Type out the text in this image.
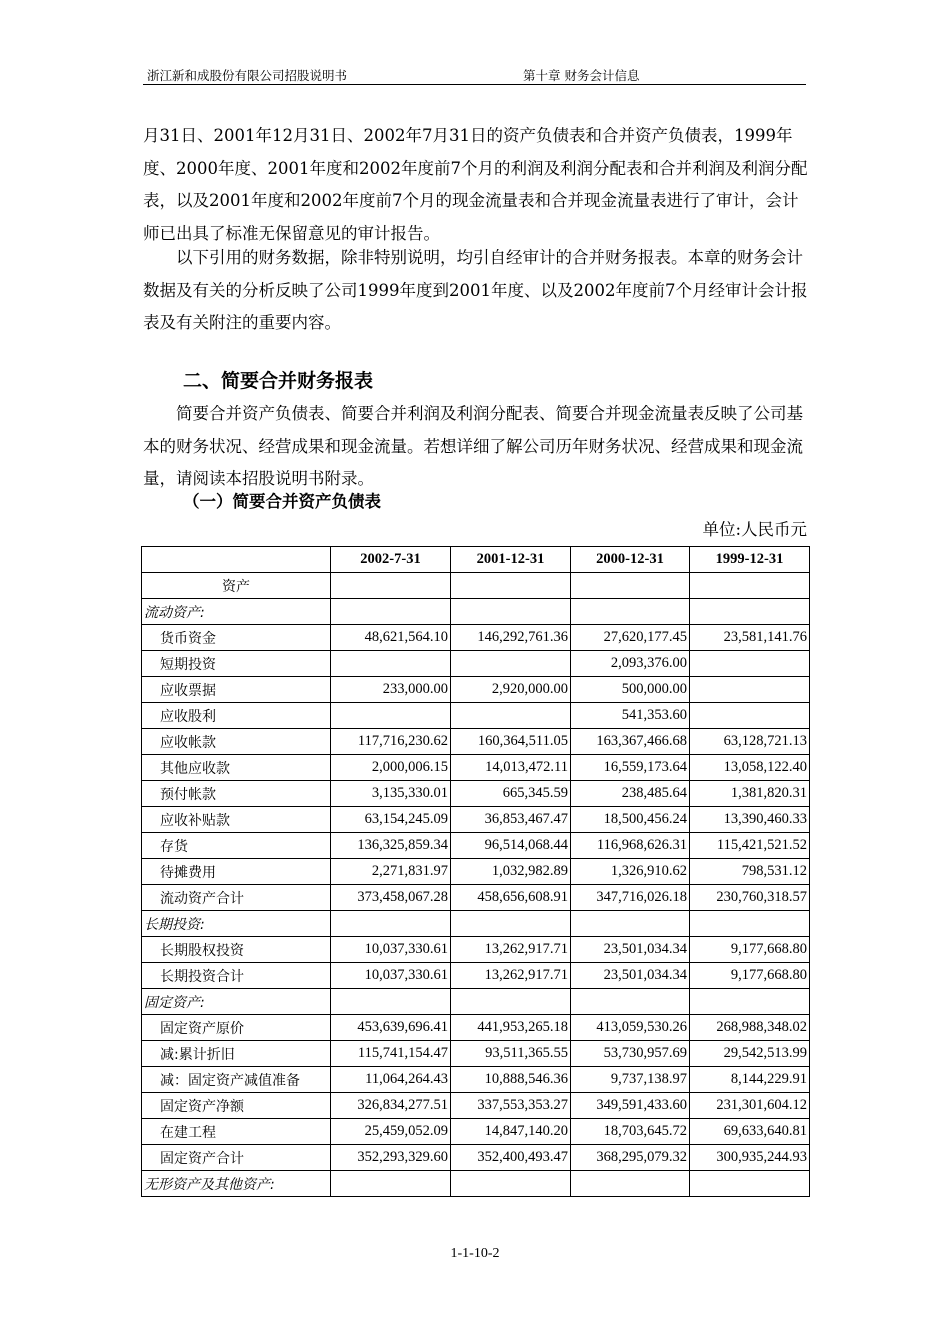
浙江新和成股份有限公司招股说明书	第十章 财务会计信息

月31日、2001年12月31日、2002年7月31日的资产负债表和合并资产负债表，1999年度、2000年度、2001年度和2002年度前7个月的利润及利润分配表和合并利润及利润分配表，以及2001年度和2002年度前7个月的现金流量表和合并现金流量表进行了审计，会计师已出具了标准无保留意见的审计报告。

以下引用的财务数据，除非特别说明，均引自经审计的合并财务报表。本章的财务会计数据及有关的分析反映了公司1999年度到2001年度、以及2002年度前7个月经审计会计报表及有关附注的重要内容。

二、简要合并财务报表

简要合并资产负债表、简要合并利润及利润分配表、简要合并现金流量表反映了公司基本的财务状况、经营成果和现金流量。若想详细了解公司历年财务状况、经营成果和现金流量，请阅读本招股说明书附录。

（一）简要合并资产负债表
单位:人民币元
	2002-7-31	2001-12-31	2000-12-31	1999-12-31
资产				
流动资产:				
货币资金	48,621,564.10	146,292,761.36	27,620,177.45	23,581,141.76
短期投资			2,093,376.00	
应收票据	233,000.00	2,920,000.00	500,000.00	
应收股利			541,353.60	
应收帐款	117,716,230.62	160,364,511.05	163,367,466.68	63,128,721.13
其他应收款	2,000,006.15	14,013,472.11	16,559,173.64	13,058,122.40
预付帐款	3,135,330.01	665,345.59	238,485.64	1,381,820.31
应收补贴款	63,154,245.09	36,853,467.47	18,500,456.24	13,390,460.33
存货	136,325,859.34	96,514,068.44	116,968,626.31	115,421,521.52
待摊费用	2,271,831.97	1,032,982.89	1,326,910.62	798,531.12
流动资产合计	373,458,067.28	458,656,608.91	347,716,026.18	230,760,318.57
长期投资:				
长期股权投资	10,037,330.61	13,262,917.71	23,501,034.34	9,177,668.80
长期投资合计	10,037,330.61	13,262,917.71	23,501,034.34	9,177,668.80
固定资产:				
固定资产原价	453,639,696.41	441,953,265.18	413,059,530.26	268,988,348.02
减:累计折旧	115,741,154.47	93,511,365.55	53,730,957.69	29,542,513.99
减：固定资产减值准备	11,064,264.43	10,888,546.36	9,737,138.97	8,144,229.91
固定资产净额	326,834,277.51	337,553,353.27	349,591,433.60	231,301,604.12
在建工程	25,459,052.09	14,847,140.20	18,703,645.72	69,633,640.81
固定资产合计	352,293,329.60	352,400,493.47	368,295,079.32	300,935,244.93
无形资产及其他资产:				
1-1-10-2
